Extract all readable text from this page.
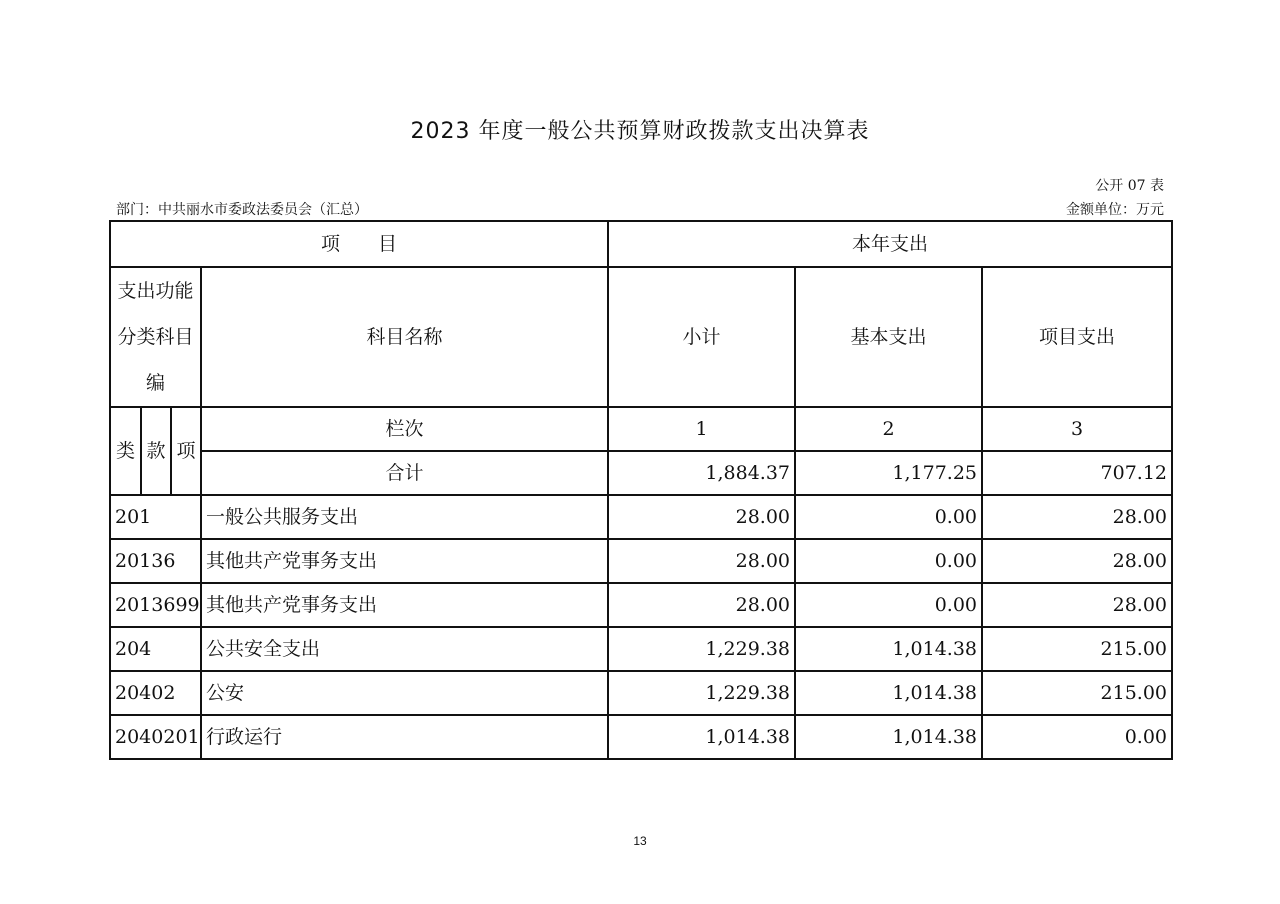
2023 年度一般公共预算财政拨款支出决算表
公开 07 表
部门：中共丽水市委政法委员会（汇总）	金额单位：万元
项　　目				本年支出		
支出功能分类科目编			科目名称	小计	基本支出	项目支出
类	款	项	栏次	1	2	3
			合计	1,884.37	1,177.25	707.12
201			一般公共服务支出	28.00	0.00	28.00
20136			其他共产党事务支出	28.00	0.00	28.00
2013699			其他共产党事务支出	28.00	0.00	28.00
204			公共安全支出	1,229.38	1,014.38	215.00
20402			公安	1,229.38	1,014.38	215.00
2040201			行政运行	1,014.38	1,014.38	0.00
13
